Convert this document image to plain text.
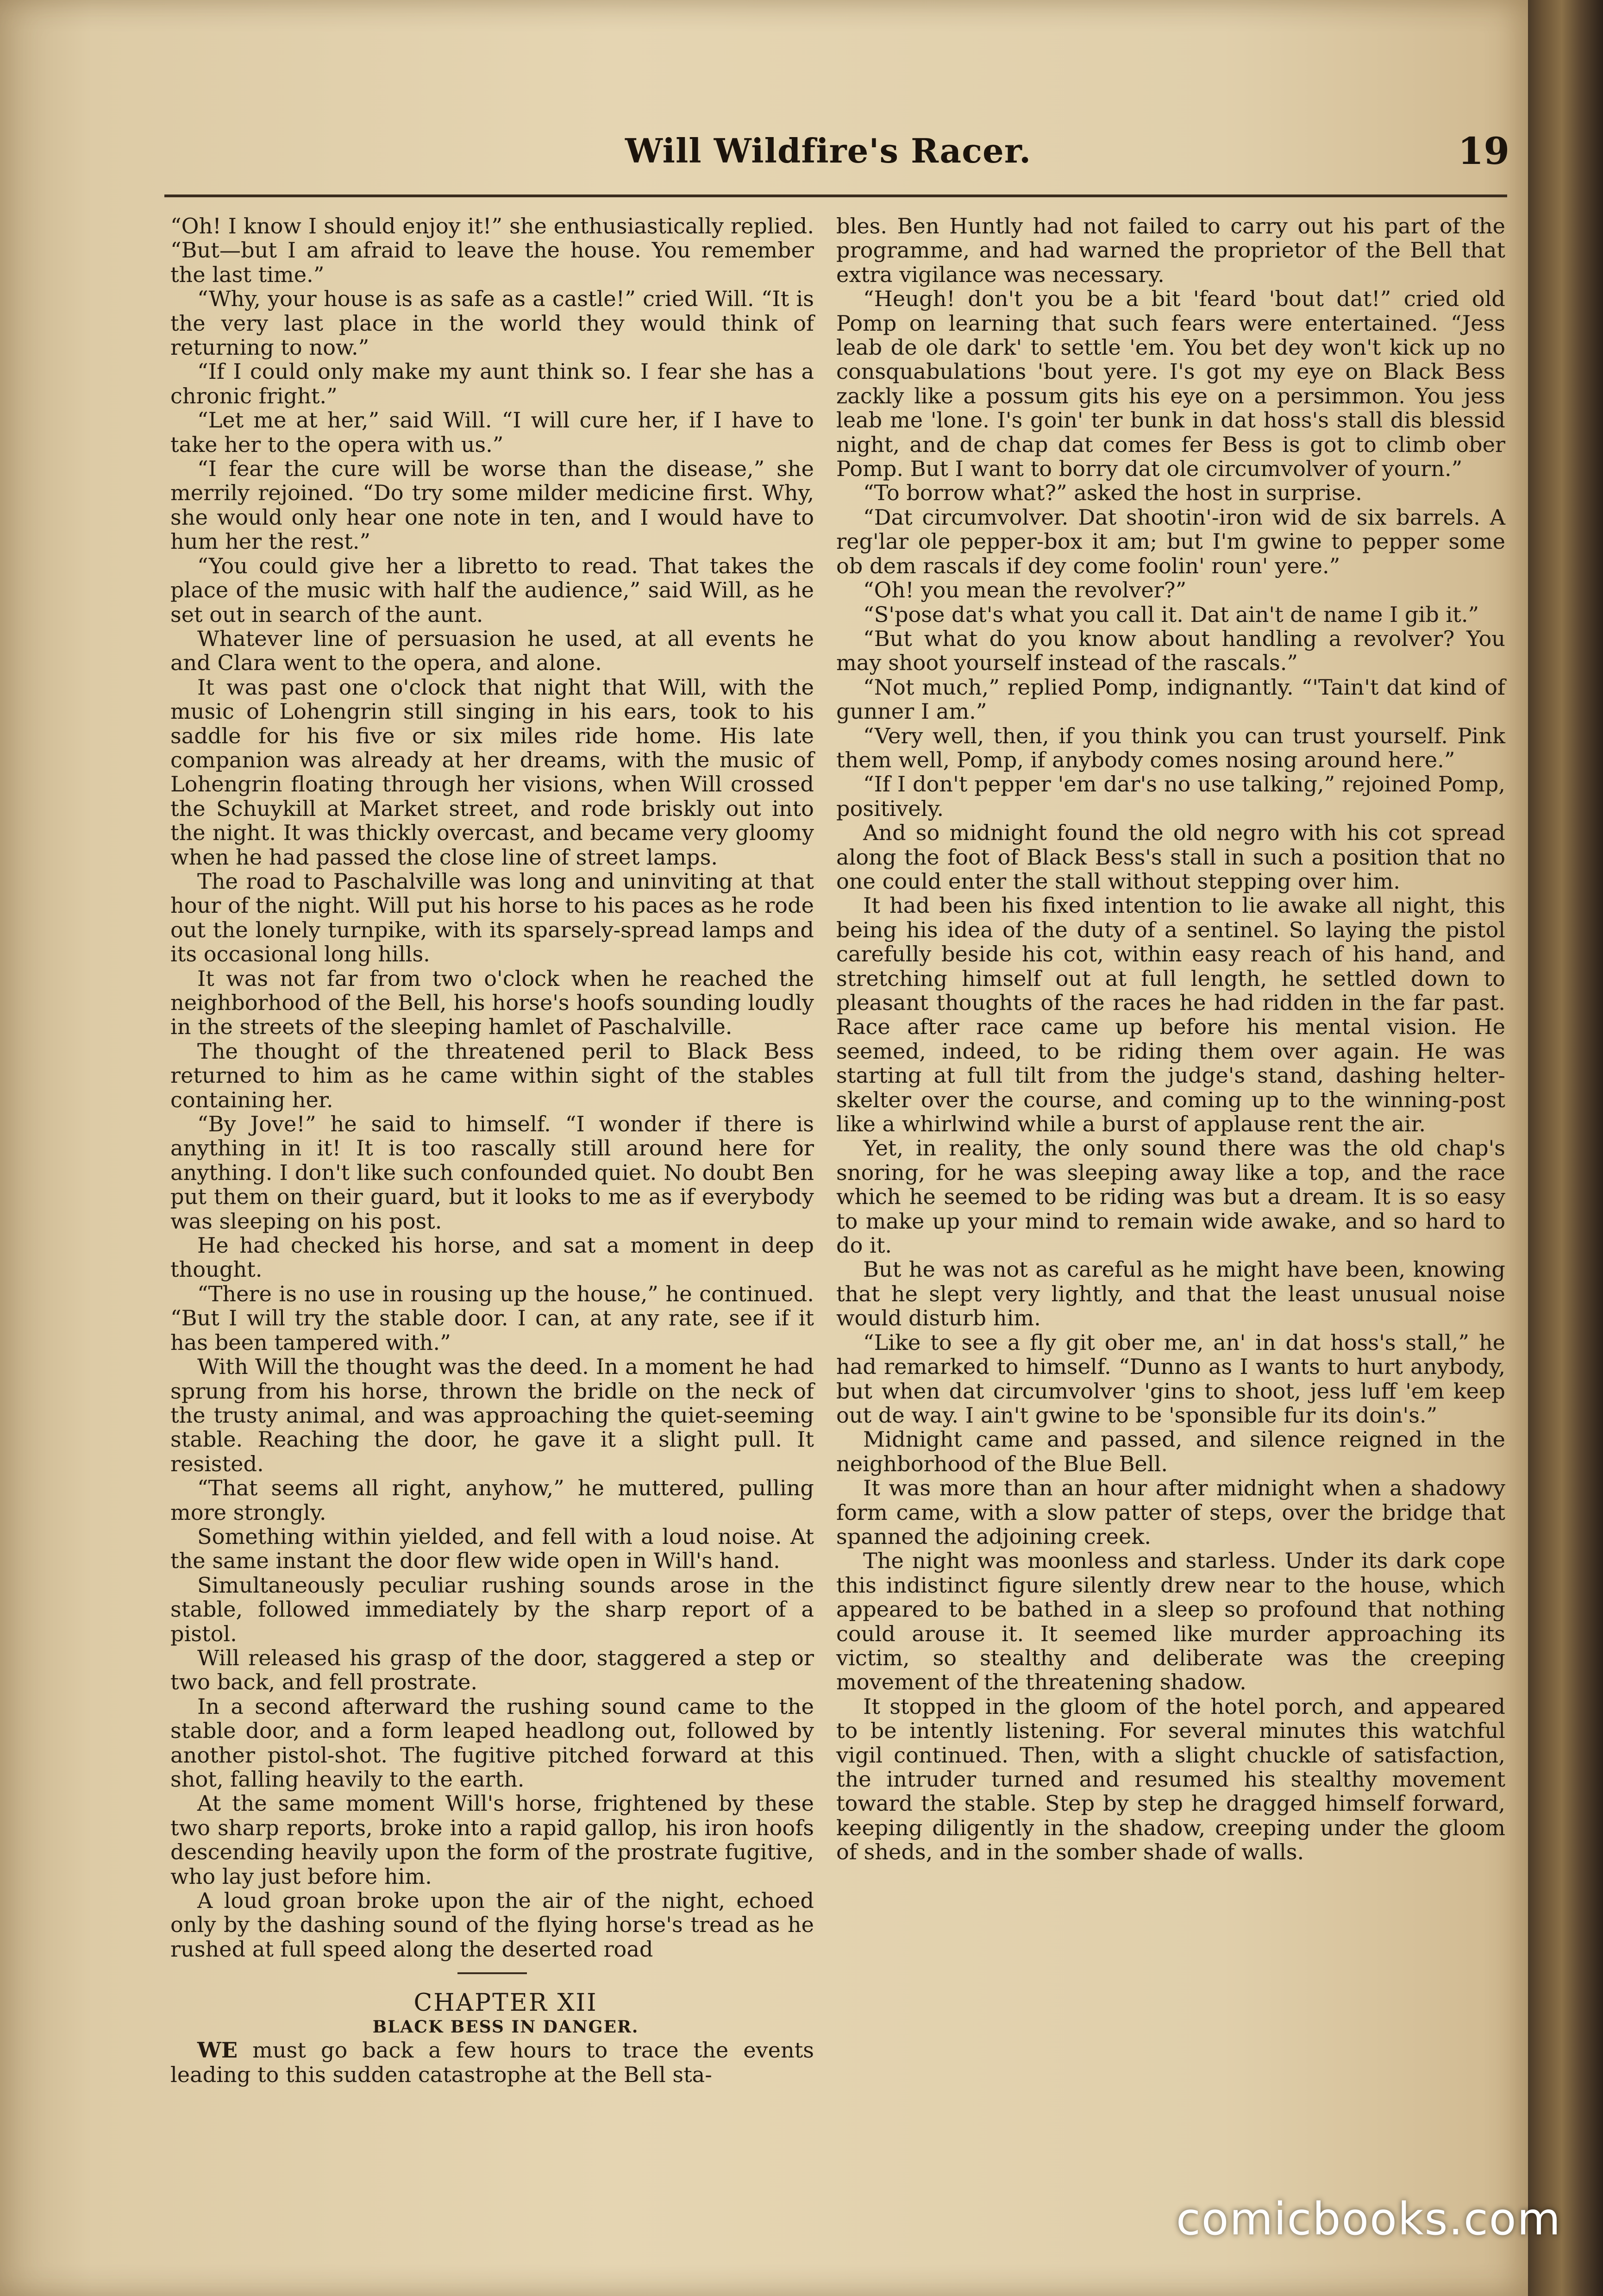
Will Wildfire's Racer.	19

“Oh! I know I should enjoy it!” she enthusiastically replied. “But—but I am afraid to leave the house. You remember the last time.”

“Why, your house is as safe as a castle!” cried Will. “It is the very last place in the world they would think of returning to now.”

“If I could only make my aunt think so. I fear she has a chronic fright.”

“Let me at her,” said Will. “I will cure her, if I have to take her to the opera with us.”

“I fear the cure will be worse than the disease,” she merrily rejoined. “Do try some milder medicine first. Why, she would only hear one note in ten, and I would have to hum her the rest.”

“You could give her a libretto to read. That takes the place of the music with half the audience,” said Will, as he set out in search of the aunt.

Whatever line of persuasion he used, at all events he and Clara went to the opera, and alone.

It was past one o'clock that night that Will, with the music of Lohengrin still singing in his ears, took to his saddle for his five or six miles ride home. His late companion was already at her dreams, with the music of Lohengrin floating through her visions, when Will crossed the Schuykill at Market street, and rode briskly out into the night. It was thickly overcast, and became very gloomy when he had passed the close line of street lamps.

The road to Paschalville was long and uninviting at that hour of the night. Will put his horse to his paces as he rode out the lonely turnpike, with its sparsely-spread lamps and its occasional long hills.

It was not far from two o'clock when he reached the neighborhood of the Bell, his horse's hoofs sounding loudly in the streets of the sleeping hamlet of Paschalville.

The thought of the threatened peril to Black Bess returned to him as he came within sight of the stables containing her.

“By Jove!” he said to himself. “I wonder if there is anything in it! It is too rascally still around here for anything. I don't like such confounded quiet. No doubt Ben put them on their guard, but it looks to me as if everybody was sleeping on his post.

He had checked his horse, and sat a moment in deep thought.

“There is no use in rousing up the house,” he continued. “But I will try the stable door. I can, at any rate, see if it has been tampered with.”

With Will the thought was the deed. In a moment he had sprung from his horse, thrown the bridle on the neck of the trusty animal, and was approaching the quiet-seeming stable. Reaching the door, he gave it a slight pull. It resisted.

“That seems all right, anyhow,” he muttered, pulling more strongly.

Something within yielded, and fell with a loud noise. At the same instant the door flew wide open in Will's hand.

Simultaneously peculiar rushing sounds arose in the stable, followed immediately by the sharp report of a pistol.

Will released his grasp of the door, staggered a step or two back, and fell prostrate.

In a second afterward the rushing sound came to the stable door, and a form leaped headlong out, followed by another pistol-shot. The fugitive pitched forward at this shot, falling heavily to the earth.

At the same moment Will's horse, frightened by these two sharp reports, broke into a rapid gallop, his iron hoofs descending heavily upon the form of the prostrate fugitive, who lay just before him.

A loud groan broke upon the air of the night, echoed only by the dashing sound of the flying horse's tread as he rushed at full speed along the deserted road

CHAPTER XII

BLACK BESS IN DANGER.

WE must go back a few hours to trace the events leading to this sudden catastrophe at the Bell sta-

bles. Ben Huntly had not failed to carry out his part of the programme, and had warned the proprietor of the Bell that extra vigilance was necessary.

“Heugh! don't you be a bit 'feard 'bout dat!” cried old Pomp on learning that such fears were entertained. “Jess leab de ole dark' to settle 'em. You bet dey won't kick up no consquabulations 'bout yere. I's got my eye on Black Bess zackly like a possum gits his eye on a persimmon. You jess leab me 'lone. I's goin' ter bunk in dat hoss's stall dis blessid night, and de chap dat comes fer Bess is got to climb ober Pomp. But I want to borry dat ole circumvolver of yourn.”

“To borrow what?” asked the host in surprise.

“Dat circumvolver. Dat shootin'-iron wid de six barrels. A reg'lar ole pepper-box it am; but I'm gwine to pepper some ob dem rascals if dey come foolin' roun' yere.”

“Oh! you mean the revolver?”

“S'pose dat's what you call it. Dat ain't de name I gib it.”

“But what do you know about handling a revolver? You may shoot yourself instead of the rascals.”

“Not much,” replied Pomp, indignantly. “'Tain't dat kind of gunner I am.”

“Very well, then, if you think you can trust yourself. Pink them well, Pomp, if anybody comes nosing around here.”

“If I don't pepper 'em dar's no use talking,” rejoined Pomp, positively.

And so midnight found the old negro with his cot spread along the foot of Black Bess's stall in such a position that no one could enter the stall without stepping over him.

It had been his fixed intention to lie awake all night, this being his idea of the duty of a sentinel. So laying the pistol carefully beside his cot, within easy reach of his hand, and stretching himself out at full length, he settled down to pleasant thoughts of the races he had ridden in the far past. Race after race came up before his mental vision. He seemed, indeed, to be riding them over again. He was starting at full tilt from the judge's stand, dashing helter-skelter over the course, and coming up to the winning-post like a whirlwind while a burst of applause rent the air.

Yet, in reality, the only sound there was the old chap's snoring, for he was sleeping away like a top, and the race which he seemed to be riding was but a dream. It is so easy to make up your mind to remain wide awake, and so hard to do it.

But he was not as careful as he might have been, knowing that he slept very lightly, and that the least unusual noise would disturb him.

“Like to see a fly git ober me, an' in dat hoss's stall,” he had remarked to himself. “Dunno as I wants to hurt anybody, but when dat circumvolver 'gins to shoot, jess luff 'em keep out de way. I ain't gwine to be 'sponsible fur its doin's.”

Midnight came and passed, and silence reigned in the neighborhood of the Blue Bell.

It was more than an hour after midnight when a shadowy form came, with a slow patter of steps, over the bridge that spanned the adjoining creek.

The night was moonless and starless. Under its dark cope this indistinct figure silently drew near to the house, which appeared to be bathed in a sleep so profound that nothing could arouse it. It seemed like murder approaching its victim, so stealthy and deliberate was the creeping movement of the threatening shadow.

It stopped in the gloom of the hotel porch, and appeared to be intently listening. For several minutes this watchful vigil continued. Then, with a slight chuckle of satisfaction, the intruder turned and resumed his stealthy movement toward the stable. Step by step he dragged himself forward, keeping diligently in the shadow, creeping under the gloom of sheds, and in the somber shade of walls.

comicbooks.com
